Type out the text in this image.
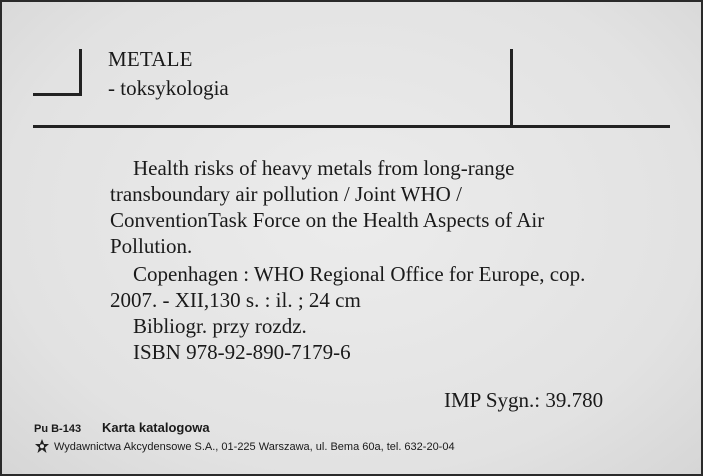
METALE
- toksykologia
Health risks of heavy metals from long-range
transboundary air pollution / Joint WHO /
ConventionTask Force on the Health Aspects of Air
Pollution.
Copenhagen : WHO Regional Office for Europe, cop.
2007. - XII,130 s. : il. ; 24 cm
Bibliogr. przy rozdz.
ISBN 978-92-890-7179-6
IMP Sygn.: 39.780
Pu B-143 Karta katalogowa
Wydawnictwa Akcydensowe S.A., 01-225 Warszawa, ul. Bema 60a, tel. 632-20-04
